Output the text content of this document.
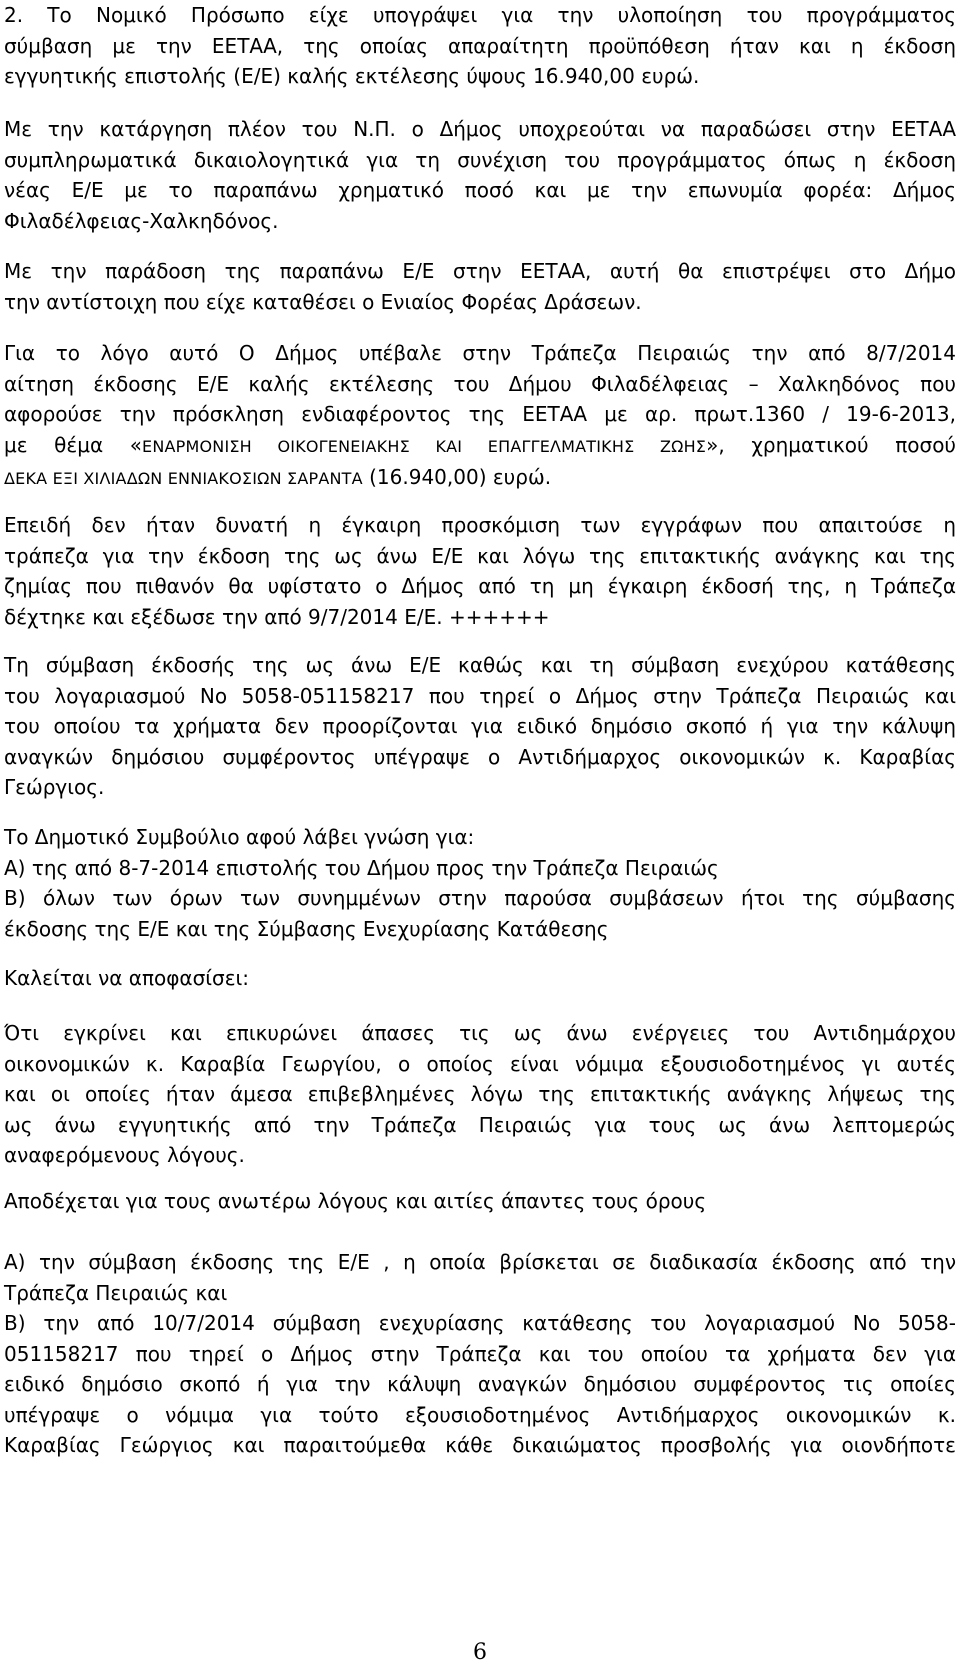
2. Το Νομικό Πρόσωπο είχε υπογράψει για την υλοποίηση του προγράμματος
σύμβαση με την ΕΕΤΑΑ, της οποίας απαραίτητη προϋπόθεση ήταν και η έκδοση
εγγυητικής επιστολής (Ε/Ε) καλής εκτέλεσης ύψους 16.940,00 ευρώ.
Με την κατάργηση πλέον του Ν.Π. ο Δήμος υποχρεούται να παραδώσει στην ΕΕΤΑΑ
συμπληρωματικά δικαιολογητικά για τη συνέχιση του προγράμματος όπως η έκδοση
νέας Ε/Ε με το παραπάνω χρηματικό ποσό και με την επωνυμία φορέα: Δήμος
Φιλαδέλφειας-Χαλκηδόνος.
Με την παράδοση της παραπάνω Ε/Ε στην ΕΕΤΑΑ, αυτή θα επιστρέψει στο Δήμο
την αντίστοιχη που είχε καταθέσει ο Ενιαίος Φορέας Δράσεων.
Για το λόγο αυτό Ο Δήμος υπέβαλε στην Τράπεζα Πειραιώς την από 8/7/2014
αίτηση έκδοσης Ε/Ε καλής εκτέλεσης του Δήμου Φιλαδέλφειας – Χαλκηδόνος που
αφορούσε την πρόσκληση ενδιαφέροντος της ΕΕΤΑΑ με αρ. πρωτ.1360 / 19-6-2013,
με θέμα «ΕΝΑΡΜΟΝΙΣΗ ΟΙΚΟΓΕΝΕΙΑΚΗΣ ΚΑΙ ΕΠΑΓΓΕΛΜΑΤΙΚΗΣ ΖΩΗΣ», χρηματικού ποσού
ΔΕΚΑ ΕΞΙ ΧΙΛΙΑΔΩΝ ΕΝΝΙΑΚΟΣΙΩΝ ΣΑΡΑΝΤΑ (16.940,00) ευρώ.
Επειδή δεν ήταν δυνατή η έγκαιρη προσκόμιση των εγγράφων που απαιτούσε η
τράπεζα για την έκδοση της ως άνω Ε/Ε και λόγω της επιτακτικής ανάγκης και της
ζημίας που πιθανόν θα υφίστατο ο Δήμος από τη μη έγκαιρη έκδοσή της, η Τράπεζα
δέχτηκε και εξέδωσε την από 9/7/2014 Ε/Ε. ++++++
Τη σύμβαση έκδοσής της ως άνω Ε/Ε καθώς και τη σύμβαση ενεχύρου κατάθεσης
του λογαριασμού Νο 5058-051158217 που τηρεί ο Δήμος στην Τράπεζα Πειραιώς και
του οποίου τα χρήματα δεν προορίζονται για ειδικό δημόσιο σκοπό ή για την κάλυψη
αναγκών δημόσιου συμφέροντος υπέγραψε ο Αντιδήμαρχος οικονομικών κ. Καραβίας
Γεώργιος.
Το Δημοτικό Συμβούλιο αφού λάβει γνώση για:
Α) της από 8-7-2014 επιστολής του Δήμου προς την Τράπεζα Πειραιώς
Β) όλων των όρων των συνημμένων στην παρούσα συμβάσεων ήτοι της σύμβασης
έκδοσης της Ε/Ε και της Σύμβασης Ενεχυρίασης Κατάθεσης
Καλείται να αποφασίσει:
Ότι εγκρίνει και επικυρώνει άπασες τις ως άνω ενέργειες του Αντιδημάρχου
οικονομικών κ. Καραβία Γεωργίου, ο οποίος είναι νόμιμα εξουσιοδοτημένος γι αυτές
και οι οποίες ήταν άμεσα επιβεβλημένες λόγω της επιτακτικής ανάγκης λήψεως της
ως άνω εγγυητικής από την Τράπεζα Πειραιώς για τους ως άνω λεπτομερώς
αναφερόμενους λόγους.
Αποδέχεται για τους ανωτέρω λόγους και αιτίες άπαντες τους όρους
Α) την σύμβαση έκδοσης της Ε/Ε , η οποία βρίσκεται σε διαδικασία έκδοσης από την
Τράπεζα Πειραιώς και
Β) την από 10/7/2014 σύμβαση ενεχυρίασης κατάθεσης του λογαριασμού Νο 5058-
051158217 που τηρεί ο Δήμος στην Τράπεζα και του οποίου τα χρήματα δεν για
ειδικό δημόσιο σκοπό ή για την κάλυψη αναγκών δημόσιου συμφέροντος τις οποίες
υπέγραψε ο νόμιμα για τούτο εξουσιοδοτημένος Αντιδήμαρχος οικονομικών κ.
Καραβίας Γεώργιος και παραιτούμεθα κάθε δικαιώματος προσβολής για οιονδήποτε
6
